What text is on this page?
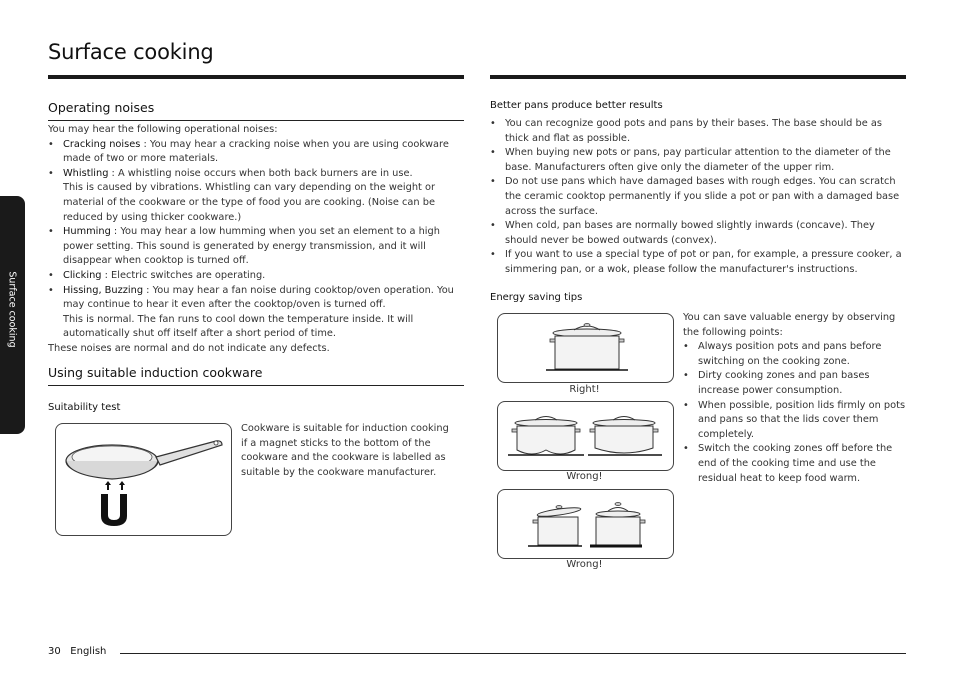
Surface cooking
Surface cooking
Operating noises
You may hear the following operational noises:
• Cracking noises : You may hear a cracking noise when you are using cookware made of two or more materials.
• Whistling : A whistling noise occurs when both back burners are in use.
This is caused by vibrations. Whistling can vary depending on the weight or material of the cookware or the type of food you are cooking. (Noise can be reduced by using thicker cookware.)
• Humming : You may hear a low humming when you set an element to a high power setting. This sound is generated by energy transmission, and it will disappear when cooktop is turned off.
• Clicking : Electric switches are operating.
• Hissing, Buzzing : You may hear a fan noise during cooktop/oven operation. You may continue to hear it even after the cooktop/oven is turned off.
This is normal. The fan runs to cool down the temperature inside. It will automatically shut off itself after a short period of time.
These noises are normal and do not indicate any defects.
Using suitable induction cookware
Suitability test
Cookware is suitable for induction cooking if a magnet sticks to the bottom of the cookware and the cookware is labelled as suitable by the cookware manufacturer.
Better pans produce better results
• You can recognize good pots and pans by their bases. The base should be as thick and flat as possible.
• When buying new pots or pans, pay particular attention to the diameter of the base. Manufacturers often give only the diameter of the upper rim.
• Do not use pans which have damaged bases with rough edges. You can scratch the ceramic cooktop permanently if you slide a pot or pan with a damaged base across the surface.
• When cold, pan bases are normally bowed slightly inwards (concave). They should never be bowed outwards (convex).
• If you want to use a special type of pot or pan, for example, a pressure cooker, a simmering pan, or a wok, please follow the manufacturer's instructions.
Energy saving tips
Right!
Wrong!
Wrong!
You can save valuable energy by observing the following points:
• Always position pots and pans before switching on the cooking zone.
• Dirty cooking zones and pan bases increase power consumption.
• When possible, position lids firmly on pots and pans so that the lids cover them completely.
• Switch the cooking zones off before the end of the cooking time and use the residual heat to keep food warm.
30 English
